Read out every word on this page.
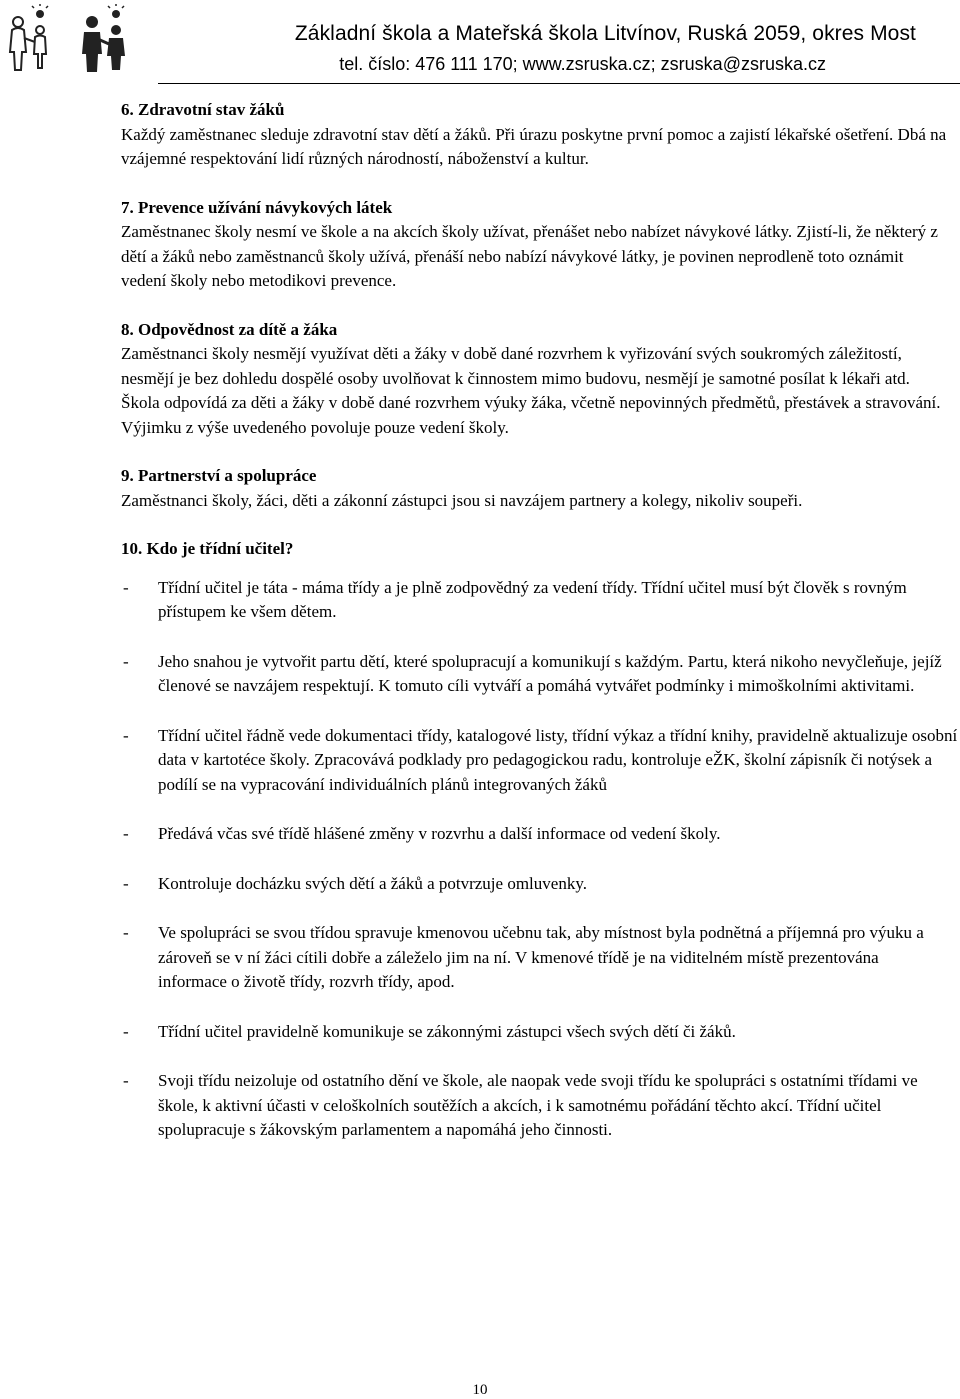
Základní škola a Mateřská škola Litvínov, Ruská 2059, okres Most
tel. číslo: 476 111 170; www.zsruska.cz; zsruska@zsruska.cz
6. Zdravotní stav žáků

Každý zaměstnanec sleduje zdravotní stav dětí a žáků. Při úrazu poskytne první pomoc a zajistí lékařské ošetření. Dbá na vzájemné respektování lidí různých národností, náboženství a kultur.

7. Prevence užívání návykových látek

Zaměstnanec školy nesmí ve škole a na akcích školy užívat, přenášet nebo nabízet návykové látky. Zjistí-li, že některý z dětí a žáků nebo zaměstnanců školy užívá, přenáší nebo nabízí návykové látky, je povinen neprodleně toto oznámit vedení školy nebo metodikovi prevence.

8. Odpovědnost za dítě a žáka

Zaměstnanci školy nesmějí využívat děti a žáky v době dané rozvrhem k vyřizování svých soukromých záležitostí, nesmějí je bez dohledu dospělé osoby uvolňovat k činnostem mimo budovu, nesmějí je samotné posílat k lékaři atd. Škola odpovídá za děti a žáky v době dané rozvrhem výuky žáka, včetně nepovinných předmětů, přestávek a stravování. Výjimku z výše uvedeného povoluje pouze vedení školy.

9. Partnerství a spolupráce

Zaměstnanci školy, žáci, děti a zákonní zástupci jsou si navzájem partnery a kolegy, nikoliv soupeři.

10. Kdo je třídní učitel?
- Třídní učitel je táta - máma třídy a je plně zodpovědný za vedení třídy. Třídní učitel musí být člověk s rovným přístupem ke všem dětem.
- Jeho snahou je vytvořit partu dětí, které spolupracují a komunikují s každým. Partu, která nikoho nevyčleňuje, jejíž členové se navzájem respektují. K tomuto cíli vytváří a pomáhá vytvářet podmínky i mimoškolními aktivitami.
- Třídní učitel řádně vede dokumentaci třídy, katalogové listy, třídní výkaz a třídní knihy, pravidelně aktualizuje osobní data v kartotéce školy. Zpracovává podklady pro pedagogickou radu, kontroluje eŽK, školní zápisník či notýsek a podílí se na vypracování individuálních plánů integrovaných žáků
- Předává včas své třídě hlášené změny v rozvrhu a další informace od vedení školy.
- Kontroluje docházku svých dětí a žáků a potvrzuje omluvenky.
- Ve spolupráci se svou třídou spravuje kmenovou učebnu tak, aby místnost byla podnětná a příjemná pro výuku a zároveň se v ní žáci cítili dobře a záleželo jim na ní. V kmenové třídě je na viditelném místě prezentována informace o životě třídy, rozvrh třídy, apod.
- Třídní učitel pravidelně komunikuje se zákonnými zástupci všech svých dětí či žáků.
- Svoji třídu neizoluje od ostatního dění ve škole, ale naopak vede svoji třídu ke spolupráci s ostatními třídami ve škole, k aktivní účasti v celoškolních soutěžích a akcích, i k samotnému pořádání těchto akcí. Třídní učitel spolupracuje s žákovským parlamentem a napomáhá jeho činnosti.
10
